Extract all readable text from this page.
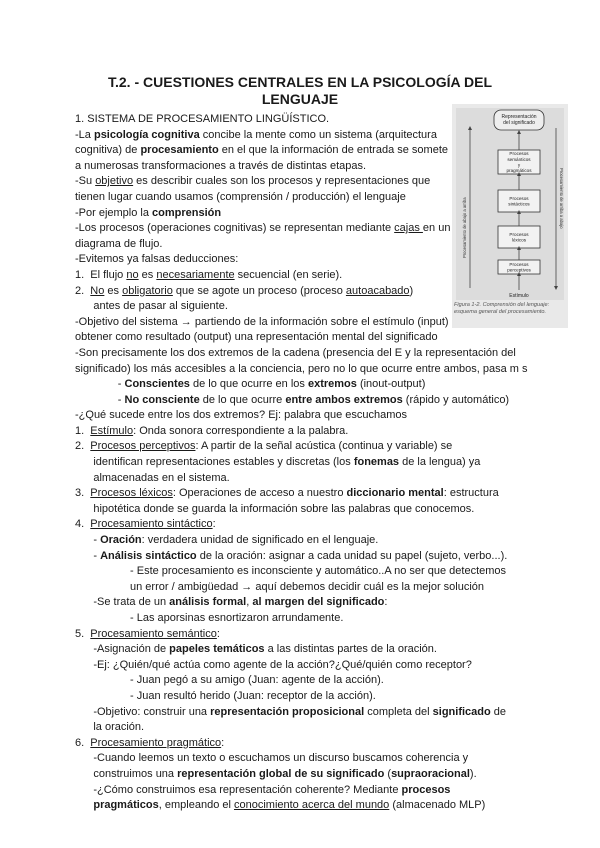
T.2. - CUESTIONES CENTRALES EN LA PSICOLOGÍA DEL
LENGUAJE
1. SISTEMA DE PROCESAMIENTO LINGÜÍSTICO.
-La psicología cognitiva concibe la mente como un sistema (arquitectura
cognitiva) de procesamiento en el que la información de entrada se somete
a numerosas transformaciones a través de distintas etapas.
-Su objetivo es describir cuales son los procesos y representaciones que
tienen lugar cuando usamos (comprensión / producción) el lenguaje
-Por ejemplo la comprensión
-Los procesos (operaciones cognitivas) se representan mediante cajas en un
diagrama de flujo.
-Evitemos ya falsas deducciones:
1.  El flujo no es necesariamente secuencial (en serie).
2.  No es obligatorio que se agote un proceso (proceso autoacabado)
antes de pasar al siguiente.
-Objetivo del sistema → partiendo de la información sobre el estímulo (input)
obtener como resultado (output) una representación mental del significado
-Son precisamente los dos extremos de la cadena (presencia del E y la representación del
significado) los más accesibles a la conciencia, pero no lo que ocurre entre ambos, pasa m s
- Conscientes de lo que ocurre en los extremos (inout-output)
- No consciente de lo que ocurre entre ambos extremos (rápido y automático)
-¿Qué sucede entre los dos extremos? Ej: palabra que escuchamos
1.  Estímulo: Onda sonora correspondiente a la palabra.
2.  Procesos perceptivos: A partir de la señal acústica (continua y variable) se
identifican representaciones estables y discretas (los fonemas de la lengua) ya
almacenadas en el sistema.
3.  Procesos léxicos: Operaciones de acceso a nuestro diccionario mental: estructura
hipotética donde se guarda la información sobre las palabras que conocemos.
4.  Procesamiento sintáctico:
- Oración: verdadera unidad de significado en el lenguaje.
- Análisis sintáctico de la oración: asignar a cada unidad su papel (sujeto, verbo...).
- Este procesamiento es inconsciente y automático..A no ser que detectemos
un error / ambigüedad → aquí debemos decidir cuál es la mejor solución
-Se trata de un análisis formal, al margen del significado:
- Las aporsinas esnortizaron arrundamente.
5.  Procesamiento semántico:
-Asignación de papeles temáticos a las distintas partes de la oración.
-Ej: ¿Quién/qué actúa como agente de la acción?¿Qué/quién como receptor?
- Juan pegó a su amigo (Juan: agente de la acción).
- Juan resultó herido (Juan: receptor de la acción).
-Objetivo: construir una representación proposicional completa del significado de
la oración.
6.  Procesamiento pragmático:
-Cuando leemos un texto o escuchamos un discurso buscamos coherencia y
construimos una representación global de su significado (supraoracional).
-¿Cómo construimos esa representación coherente? Mediante procesos
pragmáticos, empleando el conocimiento acerca del mundo (almacenado MLP)
Representación del significado
Procesamiento de abajo a arriba	Procesamiento de arriba a abajo
Procesos semánticos y pragmáticos
Procesos sintácticos
Procesos léxicos
Procesos perceptivos
Estímulo
Figura 1-2. Comprensión del lenguaje: esquema general del procesamiento.
